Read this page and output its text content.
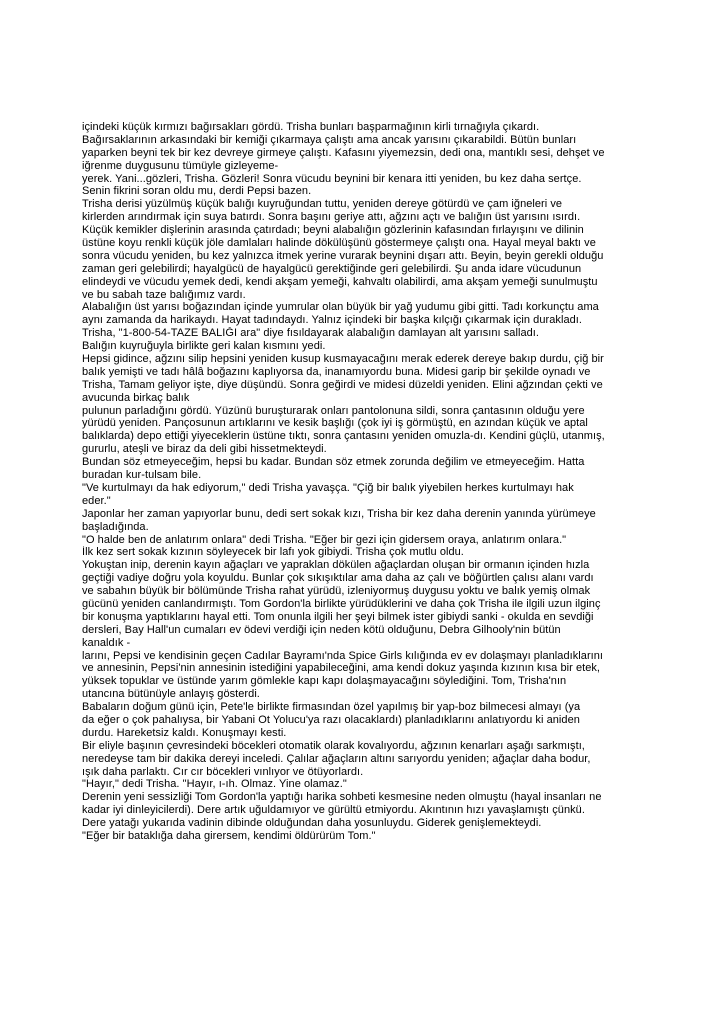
içindeki küçük kırmızı bağırsakları gördü. Trisha bunları başparmağının kirli tırnağıyla çıkardı.
Bağırsaklarının arkasındaki bir kemiği çıkarmaya çalıştı ama ancak yarısını çıkarabildi. Bütün bunları
yaparken beyni tek bir kez devreye girmeye çalıştı. Kafasını yiyemezsin, dedi ona, mantıklı sesi, dehşet ve
iğrenme duygusunu tümüyle gizleyeme-
yerek. Yani...gözleri, Trisha. Gözleri! Sonra vücudu beynini bir kenara itti yeniden, bu kez daha sertçe.
Senin fikrini soran oldu mu, derdi Pepsi bazen.
Trisha derisi yüzülmüş küçük balığı kuyruğundan tuttu, yeniden dereye götürdü ve çam iğneleri ve
kirlerden arındırmak için suya batırdı. Sonra başını geriye attı, ağzını açtı ve balığın üst yarısını ısırdı.
Küçük kemikler dişlerinin arasında çatırdadı; beyni alabalığın gözlerinin kafasından fırlayışını ve dilinin
üstüne koyu renkli küçük jöle damlaları halinde dökülüşünü göstermeye çalıştı ona. Hayal meyal baktı ve
sonra vücudu yeniden, bu kez yalnızca itmek yerine vurarak beynini dışarı attı. Beyin, beyin gerekli olduğu
zaman geri gelebilirdi; hayalgücü de hayalgücü gerektiğinde geri gelebilirdi. Şu anda idare vücudunun
elindeydi ve vücudu yemek dedi, kendi akşam yemeği, kahvaltı olabilirdi, ama akşam yemeği sunulmuştu
ve bu sabah taze balığımız vardı.
Alabalığın üst yarısı boğazından içinde yumrular olan büyük bir yağ yudumu gibi gitti. Tadı korkunçtu ama
aynı zamanda da harikaydı. Hayat tadındaydı. Yalnız içindeki bir başka kılçığı çıkarmak için durakladı.
Trisha, "1-800-54-TAZE BALIĞI ara" diye fısıldayarak alabalığın damlayan alt yarısını salladı.
Balığın kuyruğuyla birlikte geri kalan kısmını yedi.
Hepsi gidince, ağzını silip hepsini yeniden kusup kusmayacağını merak ederek dereye bakıp durdu, çiğ bir
balık yemişti ve tadı hâlâ boğazını kaplıyorsa da, inanamıyordu buna. Midesi garip bir şekilde oynadı ve
Trisha, Tamam geliyor işte, diye düşündü. Sonra geğirdi ve midesi düzeldi yeniden. Elini ağzından çekti ve
avucunda birkaç balık
pulunun parladığını gördü. Yüzünü buruşturarak onları pantolonuna sildi, sonra çantasının olduğu yere
yürüdü yeniden. Pançosunun artıklarını ve kesik başlığı (çok iyi iş görmüştü, en azından küçük ve aptal
balıklarda) depo ettiği yiyeceklerin üstüne tıktı, sonra çantasını yeniden omuzla-dı. Kendini güçlü, utanmış,
gururlu, ateşli ve biraz da deli gibi hissetmekteydi.
Bundan söz etmeyeceğim, hepsi bu kadar. Bundan söz etmek zorunda değilim ve etmeyeceğim. Hatta
buradan kur-tulsam bile.
"Ve kurtulmayı da hak ediyorum," dedi Trisha yavaşça. "Çiğ bir balık yiyebilen herkes kurtulmayı hak
eder."
Japonlar her zaman yapıyorlar bunu, dedi sert sokak kızı, Trisha bir kez daha derenin yanında yürümeye
başladığında.
"O halde ben de anlatırım onlara" dedi Trisha. "Eğer bir gezi için gidersem oraya, anlatırım onlara."
İlk kez sert sokak kızının söyleyecek bir lafı yok gibiydi. Trisha çok mutlu oldu.
Yokuştan inip, derenin kayın ağaçları ve yapraklan dökülen ağaçlardan oluşan bir ormanın içinden hızla
geçtiği vadiye doğru yola koyuldu. Bunlar çok sıkışıktılar ama daha az çalı ve böğürtlen çalısı alanı vardı
ve sabahın büyük bir bölümünde Trisha rahat yürüdü, izleniyormuş duygusu yoktu ve balık yemiş olmak
gücünü yeniden canlandırmıştı. Tom Gordon'la birlikte yürüdüklerini ve daha çok Trisha ile ilgili uzun ilginç
bir konuşma yaptıklarını hayal etti. Tom onunla ilgili her şeyi bilmek ister gibiydi sanki - okulda en sevdiği
dersleri, Bay Hall'un cumaları ev ödevi verdiği için neden kötü olduğunu, Debra Gilhooly'nin bütün
kanaldık -
larını, Pepsi ve kendisinin geçen Cadılar Bayramı'nda Spice Girls kılığında ev ev dolaşmayı planladıklarını
ve annesinin, Pepsi'nin annesinin istediğini yapabileceğini, ama kendi dokuz yaşında kızının kısa bir etek,
yüksek topuklar ve üstünde yarım gömlekle kapı kapı dolaşmayacağını söylediğini. Tom, Trisha'nın
utancına bütünüyle anlayış gösterdi.
Babaların doğum günü için, Pete'le birlikte firmasından özel yapılmış bir yap-boz bilmecesi almayı (ya
da eğer o çok pahalıysa, bir Yabani Ot Yolucu'ya razı olacaklardı) planladıklarını anlatıyordu ki aniden
durdu. Hareketsiz kaldı. Konuşmayı kesti.
Bir eliyle başının çevresindeki böcekleri otomatik olarak kovalıyordu, ağzının kenarları aşağı sarkmıştı,
neredeyse tam bir dakika dereyi inceledi. Çalılar ağaçların altını sarıyordu yeniden; ağaçlar daha bodur,
ışık daha parlaktı. Cır cır böcekleri vınlıyor ve ötüyorlardı.
"Hayır," dedi Trisha. "Hayır, ı-ıh. Olmaz. Yine olamaz."
Derenin yeni sessizliği Tom Gordon'la yaptığı harika sohbeti kesmesine neden olmuştu (hayal insanları ne
kadar iyi dinleyicilerdi). Dere artık uğuldamıyor ve gürültü etmiyordu. Akıntının hızı yavaşlamıştı çünkü.
Dere yatağı yukarıda vadinin dibinde olduğundan daha yosunluydu. Giderek genişlemekteydi.
"Eğer bir bataklığa daha girersem, kendimi öldürürüm Tom."
